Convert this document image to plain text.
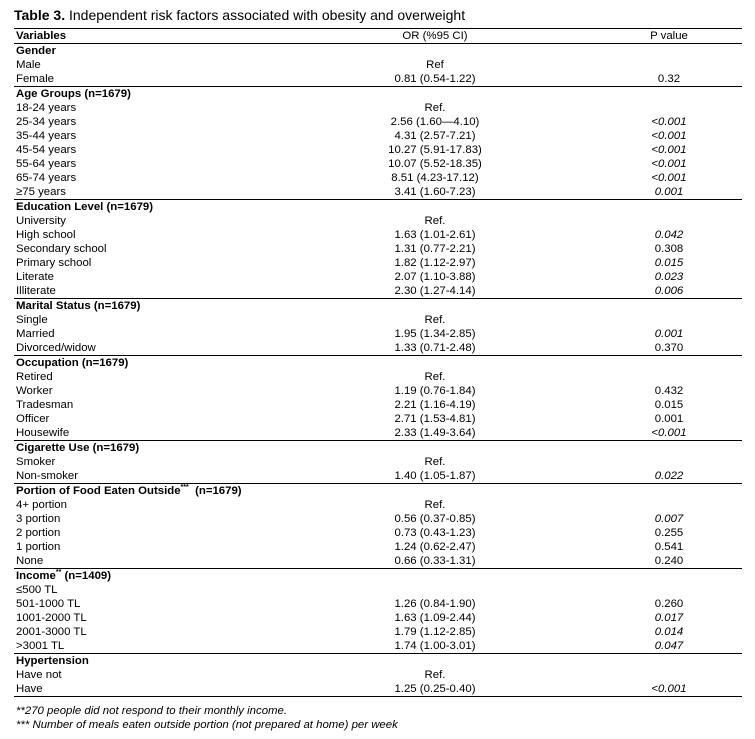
Table 3. Independent risk factors associated with obesity and overweight
Variables	OR (%95 CI)	P value
Gender		
Male	Ref	
Female	0.81 (0.54-1.22)	0.32
Age Groups (n=1679)		
18-24 years	Ref.	
25-34 years	2.56 (1.60—4.10)	<0.001
35-44 years	4.31 (2.57-7.21)	<0.001
45-54 years	10.27 (5.91-17.83)	<0.001
55-64 years	10.07 (5.52-18.35)	<0.001
65-74 years	8.51 (4.23-17.12)	<0.001
≥75 years	3.41 (1.60-7.23)	0.001
Education Level (n=1679)		
University	Ref.	
High school	1.63 (1.01-2.61)	0.042
Secondary school	1.31 (0.77-2.21)	0.308
Primary school	1.82 (1.12-2.97)	0.015
Literate	2.07 (1.10-3.88)	0.023
Illiterate	2.30 (1.27-4.14)	0.006
Marital Status (n=1679)		
Single	Ref.	
Married	1.95 (1.34-2.85)	0.001
Divorced/widow	1.33 (0.71-2.48)	0.370
Occupation (n=1679)		
Retired	Ref.	
Worker	1.19 (0.76-1.84)	0.432
Tradesman	2.21 (1.16-4.19)	0.015
Officer	2.71 (1.53-4.81)	0.001
Housewife	2.33 (1.49-3.64)	<0.001
Cigarette Use (n=1679)		
Smoker	Ref.	
Non-smoker	1.40 (1.05-1.87)	0.022
Portion of Food Eaten Outside*** (n=1679)		
4+ portion	Ref.	
3 portion	0.56 (0.37-0.85)	0.007
2 portion	0.73 (0.43-1.23)	0.255
1 portion	1.24 (0.62-2.47)	0.541
None	0.66 (0.33-1.31)	0.240
Income** (n=1409)		
≤500 TL		
501-1000 TL	1.26 (0.84-1.90)	0.260
1001-2000 TL	1.63 (1.09-2.44)	0.017
2001-3000 TL	1.79 (1.12-2.85)	0.014
>3001 TL	1.74 (1.00-3.01)	0.047
Hypertension		
Have not	Ref.	
Have	1.25 (0.25-0.40)	<0.001
**270 people did not respond to their monthly income.
*** Number of meals eaten outside portion (not prepared at home) per week
